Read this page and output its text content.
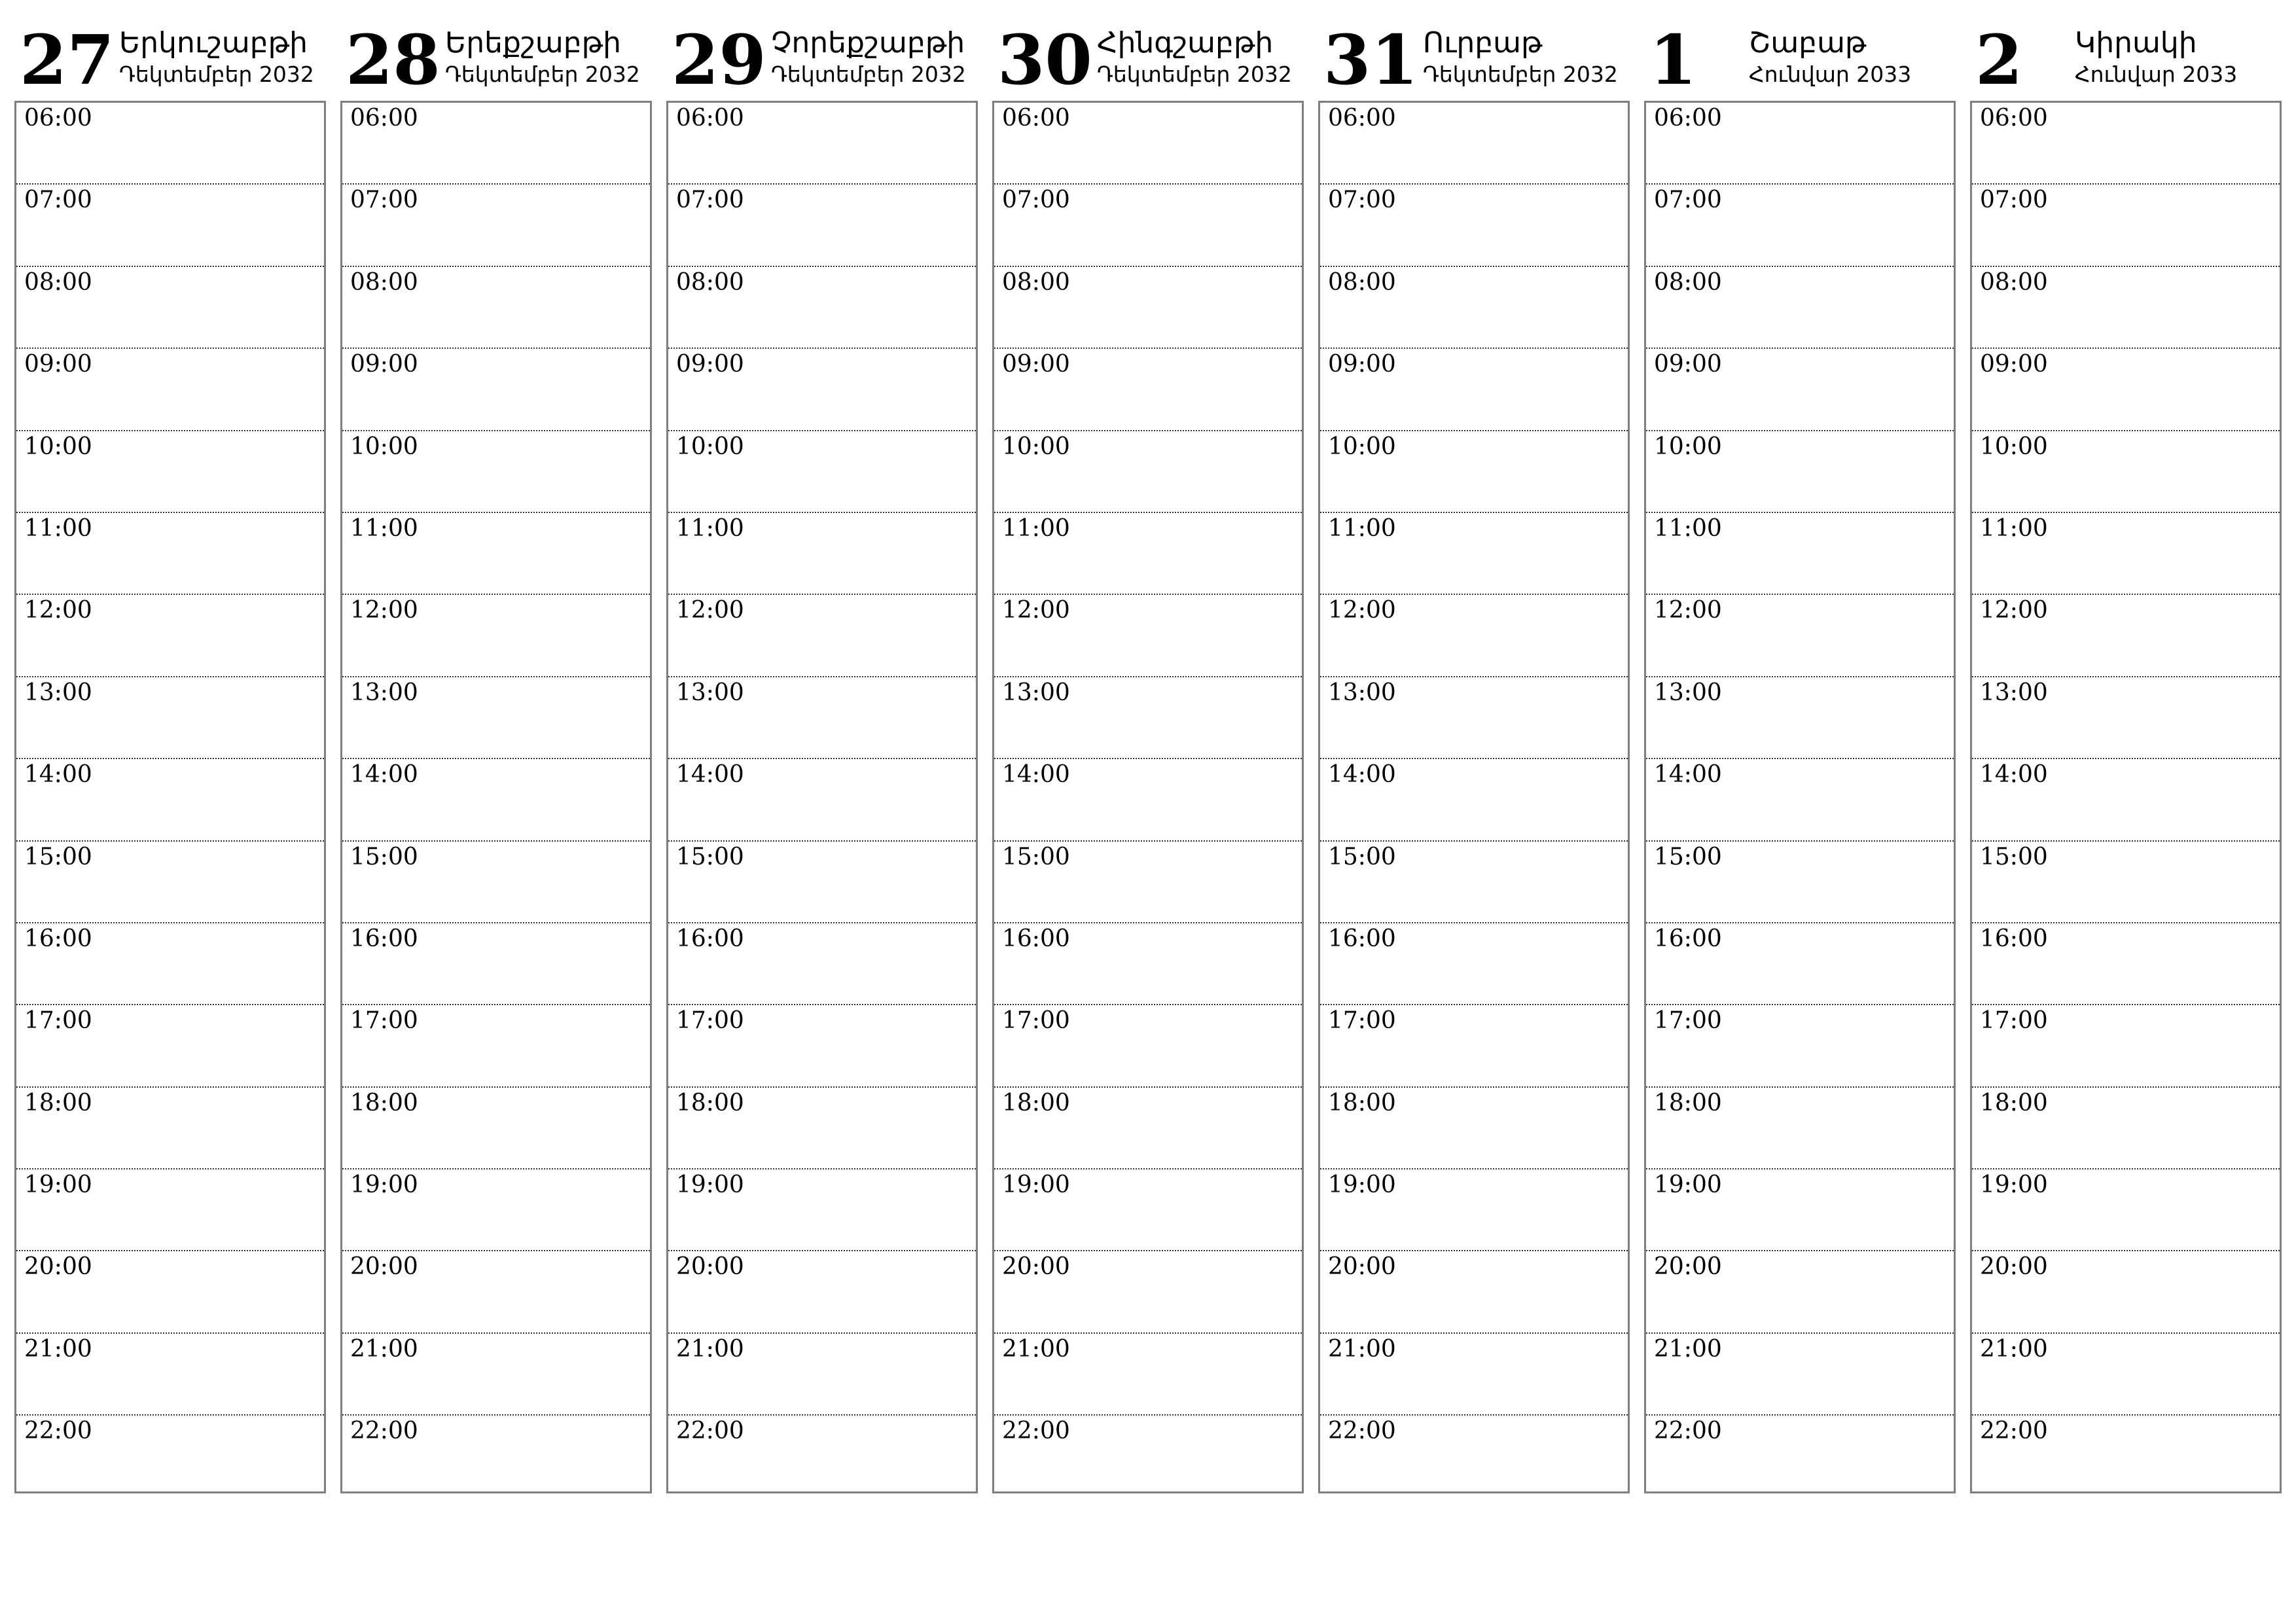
27 Երկուշաբթի
Դեկտեմբեր 2032
06:00
07:00
08:00
09:00
10:00
11:00
12:00
13:00
14:00
15:00
16:00
17:00
18:00
19:00
20:00
21:00
22:00
28 Երեքշաբթի
Դեկտեմբեր 2032
06:00
07:00
08:00
09:00
10:00
11:00
12:00
13:00
14:00
15:00
16:00
17:00
18:00
19:00
20:00
21:00
22:00
29 Չորեքշաբթի
Դեկտեմբեր 2032
06:00
07:00
08:00
09:00
10:00
11:00
12:00
13:00
14:00
15:00
16:00
17:00
18:00
19:00
20:00
21:00
22:00
30 Հինգշաբթի
Դեկտեմբեր 2032
06:00
07:00
08:00
09:00
10:00
11:00
12:00
13:00
14:00
15:00
16:00
17:00
18:00
19:00
20:00
21:00
22:00
31 Ուրբաթ
Դեկտեմբեր 2032
06:00
07:00
08:00
09:00
10:00
11:00
12:00
13:00
14:00
15:00
16:00
17:00
18:00
19:00
20:00
21:00
22:00
1 Շաբաթ
Հունվար 2033
06:00
07:00
08:00
09:00
10:00
11:00
12:00
13:00
14:00
15:00
16:00
17:00
18:00
19:00
20:00
21:00
22:00
2 Կիրակի
Հունվար 2033
06:00
07:00
08:00
09:00
10:00
11:00
12:00
13:00
14:00
15:00
16:00
17:00
18:00
19:00
20:00
21:00
22:00
